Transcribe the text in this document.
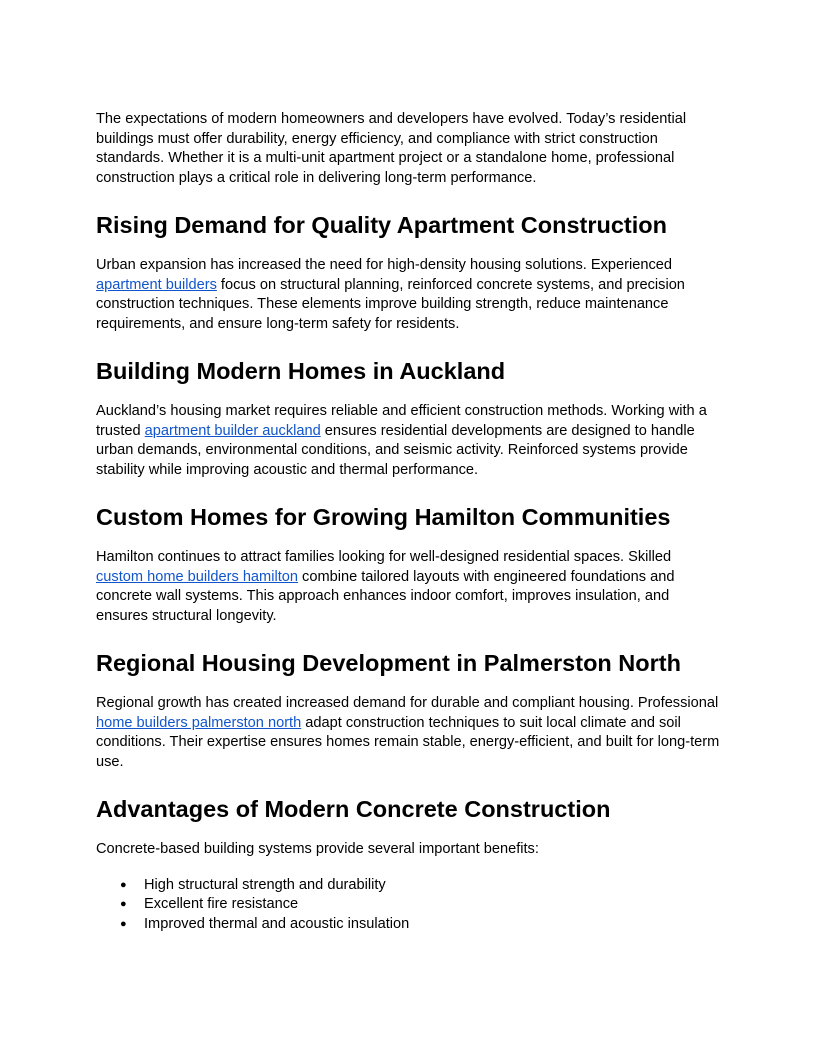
The expectations of modern homeowners and developers have evolved. Today’s residential buildings must offer durability, energy efficiency, and compliance with strict construction standards. Whether it is a multi-unit apartment project or a standalone home, professional construction plays a critical role in delivering long-term performance.

Rising Demand for Quality Apartment Construction

Urban expansion has increased the need for high-density housing solutions. Experienced apartment builders focus on structural planning, reinforced concrete systems, and precision construction techniques. These elements improve building strength, reduce maintenance requirements, and ensure long-term safety for residents.

Building Modern Homes in Auckland

Auckland’s housing market requires reliable and efficient construction methods. Working with a trusted apartment builder auckland ensures residential developments are designed to handle urban demands, environmental conditions, and seismic activity. Reinforced systems provide stability while improving acoustic and thermal performance.

Custom Homes for Growing Hamilton Communities

Hamilton continues to attract families looking for well-designed residential spaces. Skilled custom home builders hamilton combine tailored layouts with engineered foundations and concrete wall systems. This approach enhances indoor comfort, improves insulation, and ensures structural longevity.

Regional Housing Development in Palmerston North

Regional growth has created increased demand for durable and compliant housing. Professional home builders palmerston north adapt construction techniques to suit local climate and soil conditions. Their expertise ensures homes remain stable, energy-efficient, and built for long-term use.

Advantages of Modern Concrete Construction

Concrete-based building systems provide several important benefits:

● High structural strength and durability
● Excellent fire resistance
● Improved thermal and acoustic insulation
